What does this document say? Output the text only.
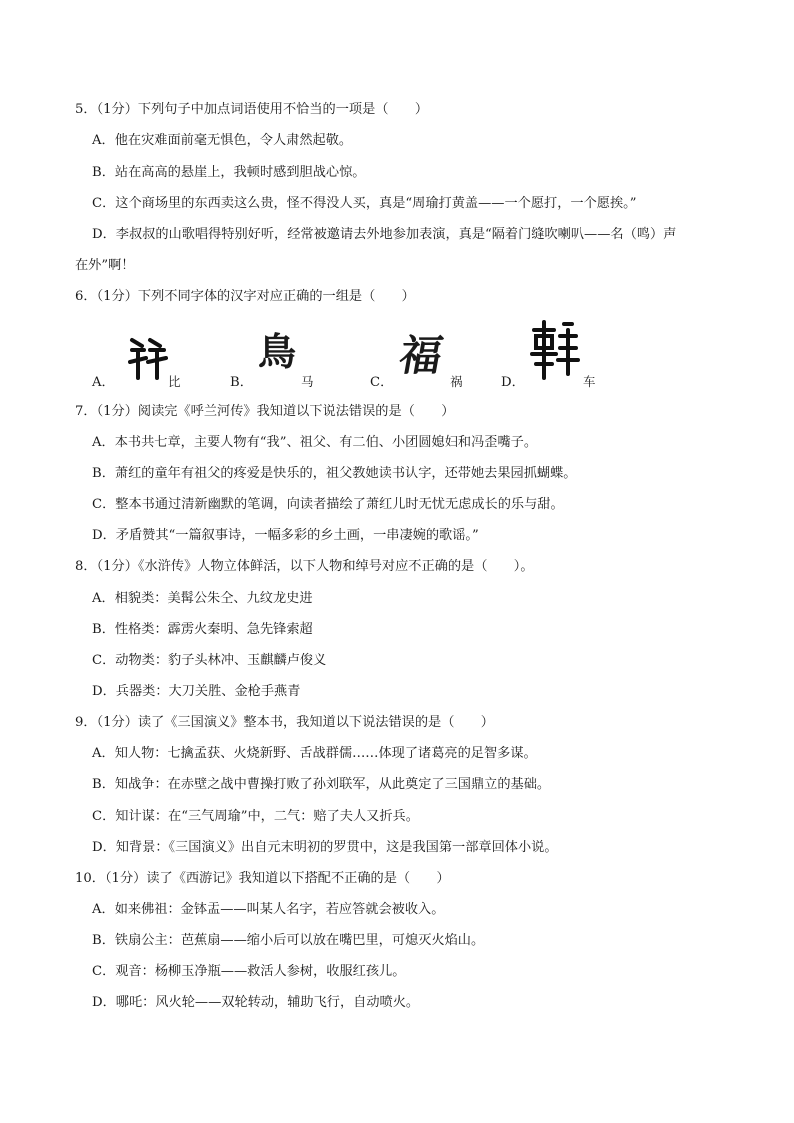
5．（1分）下列句子中加点词语使用不恰当的一项是（　　）
A．他在灾难面前毫无惧色，令人肃然起敬。
B．站在高高的悬崖上，我顿时感到胆战心惊。
C．这个商场里的东西卖这么贵，怪不得没人买，真是“周瑜打黄盖——一个愿打，一个愿挨。”
D．李叔叔的山歌唱得特别好听，经常被邀请去外地参加表演，真是“隔着门缝吹喇叭——名（鸣）声
在外”啊！
6．（1分）下列不同字体的汉字对应正确的一组是（　　）
A．	比	B．
鳥
马	C．
福
祸	D．	车
7．（1分）阅读完《呼兰河传》我知道以下说法错误的是（　　）
A．本书共七章，主要人物有“我”、祖父、有二伯、小团圆媳妇和冯歪嘴子。
B．萧红的童年有祖父的疼爱是快乐的，祖父教她读书认字，还带她去果园抓蝴蝶。
C．整本书通过清新幽默的笔调，向读者描绘了萧红儿时无忧无虑成长的乐与甜。
D．矛盾赞其“一篇叙事诗，一幅多彩的乡土画，一串凄婉的歌谣。”
8．（1分）《水浒传》人物立体鲜活，以下人物和绰号对应不正确的是（　　）。
A．相貌类：美髯公朱仝、九纹龙史进
B．性格类：霹雳火秦明、急先锋索超
C．动物类：豹子头林冲、玉麒麟卢俊义
D．兵器类：大刀关胜、金枪手燕青
9．（1分）读了《三国演义》整本书，我知道以下说法错误的是（　　）
A．知人物：七擒孟获、火烧新野、舌战群儒……体现了诸葛亮的足智多谋。
B．知战争：在赤壁之战中曹操打败了孙刘联军，从此奠定了三国鼎立的基础。
C．知计谋：在“三气周瑜”中，二气：赔了夫人又折兵。
D．知背景：《三国演义》出自元末明初的罗贯中，这是我国第一部章回体小说。
10．（1分）读了《西游记》我知道以下搭配不正确的是（　　）
A．如来佛祖：金钵盂——叫某人名字，若应答就会被收入。
B．铁扇公主：芭蕉扇——缩小后可以放在嘴巴里，可熄灭火焰山。
C．观音：杨柳玉净瓶——救活人参树，收服红孩儿。
D．哪吒：风火轮——双轮转动，辅助飞行，自动喷火。
